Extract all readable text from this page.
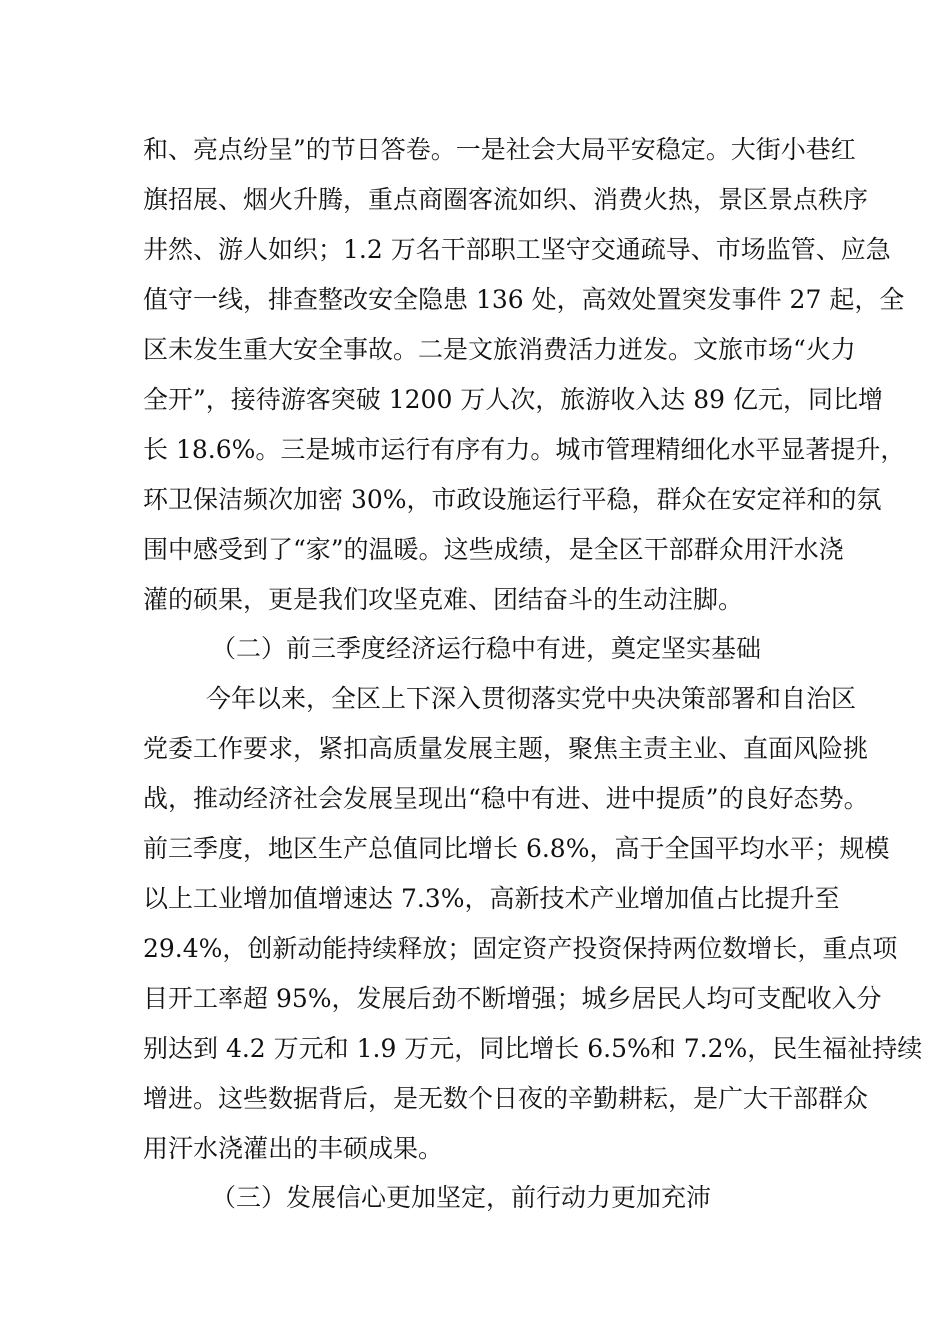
和、亮点纷呈”的节日答卷。一是社会大局平安稳定。大街小巷红
旗招展、烟火升腾，重点商圈客流如织、消费火热，景区景点秩序
井然、游人如织；1.2 万名干部职工坚守交通疏导、市场监管、应急
值守一线，排查整改安全隐患 136 处，高效处置突发事件 27 起，全
区未发生重大安全事故。二是文旅消费活力迸发。文旅市场“火力
全开”，接待游客突破 1200 万人次，旅游收入达 89 亿元，同比增
长 18.6%。三是城市运行有序有力。城市管理精细化水平显著提升，
环卫保洁频次加密 30%，市政设施运行平稳，群众在安定祥和的氛
围中感受到了“家”的温暖。这些成绩，是全区干部群众用汗水浇
灌的硕果，更是我们攻坚克难、团结奋斗的生动注脚。
（二）前三季度经济运行稳中有进，奠定坚实基础
今年以来，全区上下深入贯彻落实党中央决策部署和自治区
党委工作要求，紧扣高质量发展主题，聚焦主责主业、直面风险挑
战，推动经济社会发展呈现出“稳中有进、进中提质”的良好态势。
前三季度，地区生产总值同比增长 6.8%，高于全国平均水平；规模
以上工业增加值增速达 7.3%，高新技术产业增加值占比提升至
29.4%，创新动能持续释放；固定资产投资保持两位数增长，重点项
目开工率超 95%，发展后劲不断增强；城乡居民人均可支配收入分
别达到 4.2 万元和 1.9 万元，同比增长 6.5%和 7.2%，民生福祉持续
增进。这些数据背后，是无数个日夜的辛勤耕耘，是广大干部群众
用汗水浇灌出的丰硕成果。
（三）发展信心更加坚定，前行动力更加充沛
